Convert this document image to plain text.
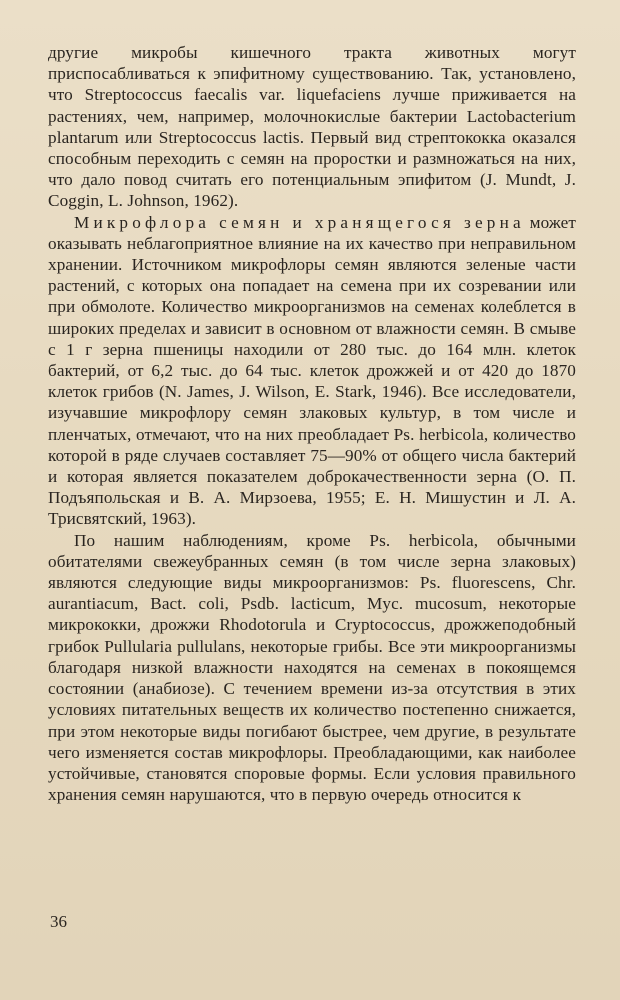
другие микробы кишечного тракта животных могут приспосабливаться к эпифитному существованию. Так, установлено, что Streptococcus faecalis var. liquefaciens лучше приживается на растениях, чем, например, молочнокислые бактерии Lactobacterium plantarum или Streptococcus lactis. Первый вид стрептококка оказался способным переходить с семян на проростки и размножаться на них, что дало повод считать его потенциальным эпифитом (J. Mundt, J. Coggin, L. Johnson, 1962).

Микрофлора семян и хранящегося зерна может оказывать неблагоприятное влияние на их качество при неправильном хранении. Источником микрофлоры семян являются зеленые части растений, с которых она попадает на семена при их созревании или при обмолоте. Количество микроорганизмов на семенах колеблется в широких пределах и зависит в основном от влажности семян. В смыве с 1 г зерна пшеницы находили от 280 тыс. до 164 млн. клеток бактерий, от 6,2 тыс. до 64 тыс. клеток дрожжей и от 420 до 1870 клеток грибов (N. James, J. Wilson, E. Stark, 1946). Все исследователи, изучавшие микрофлору семян злаковых культур, в том числе и пленчатых, отмечают, что на них преобладает Ps. herbicola, количество которой в ряде случаев составляет 75—90% от общего числа бактерий и которая является показателем доброкачественности зерна (О. П. Подъяпольская и В. А. Мирзоева, 1955; Е. Н. Мишустин и Л. А. Трисвятский, 1963).

По нашим наблюдениям, кроме Ps. herbicola, обычными обитателями свежеубранных семян (в том числе зерна злаковых) являются следующие виды микроорганизмов: Ps. fluorescens, Chr. aurantiacum, Bact. coli, Psdb. lacticum, Myc. mucosum, некоторые микрококки, дрожжи Rhodotorula и Cryptococcus, дрожжеподобный грибок Pullularia pullulans, некоторые грибы. Все эти микроорганизмы благодаря низкой влажности находятся на семенах в покоящемся состоянии (анабиозе). С течением времени из-за отсутствия в этих условиях питательных веществ их количество постепенно снижается, при этом некоторые виды погибают быстрее, чем другие, в результате чего изменяется состав микрофлоры. Преобладающими, как наиболее устойчивые, становятся споровые формы. Если условия правильного хранения семян нарушаются, что в первую очередь относится к

36
